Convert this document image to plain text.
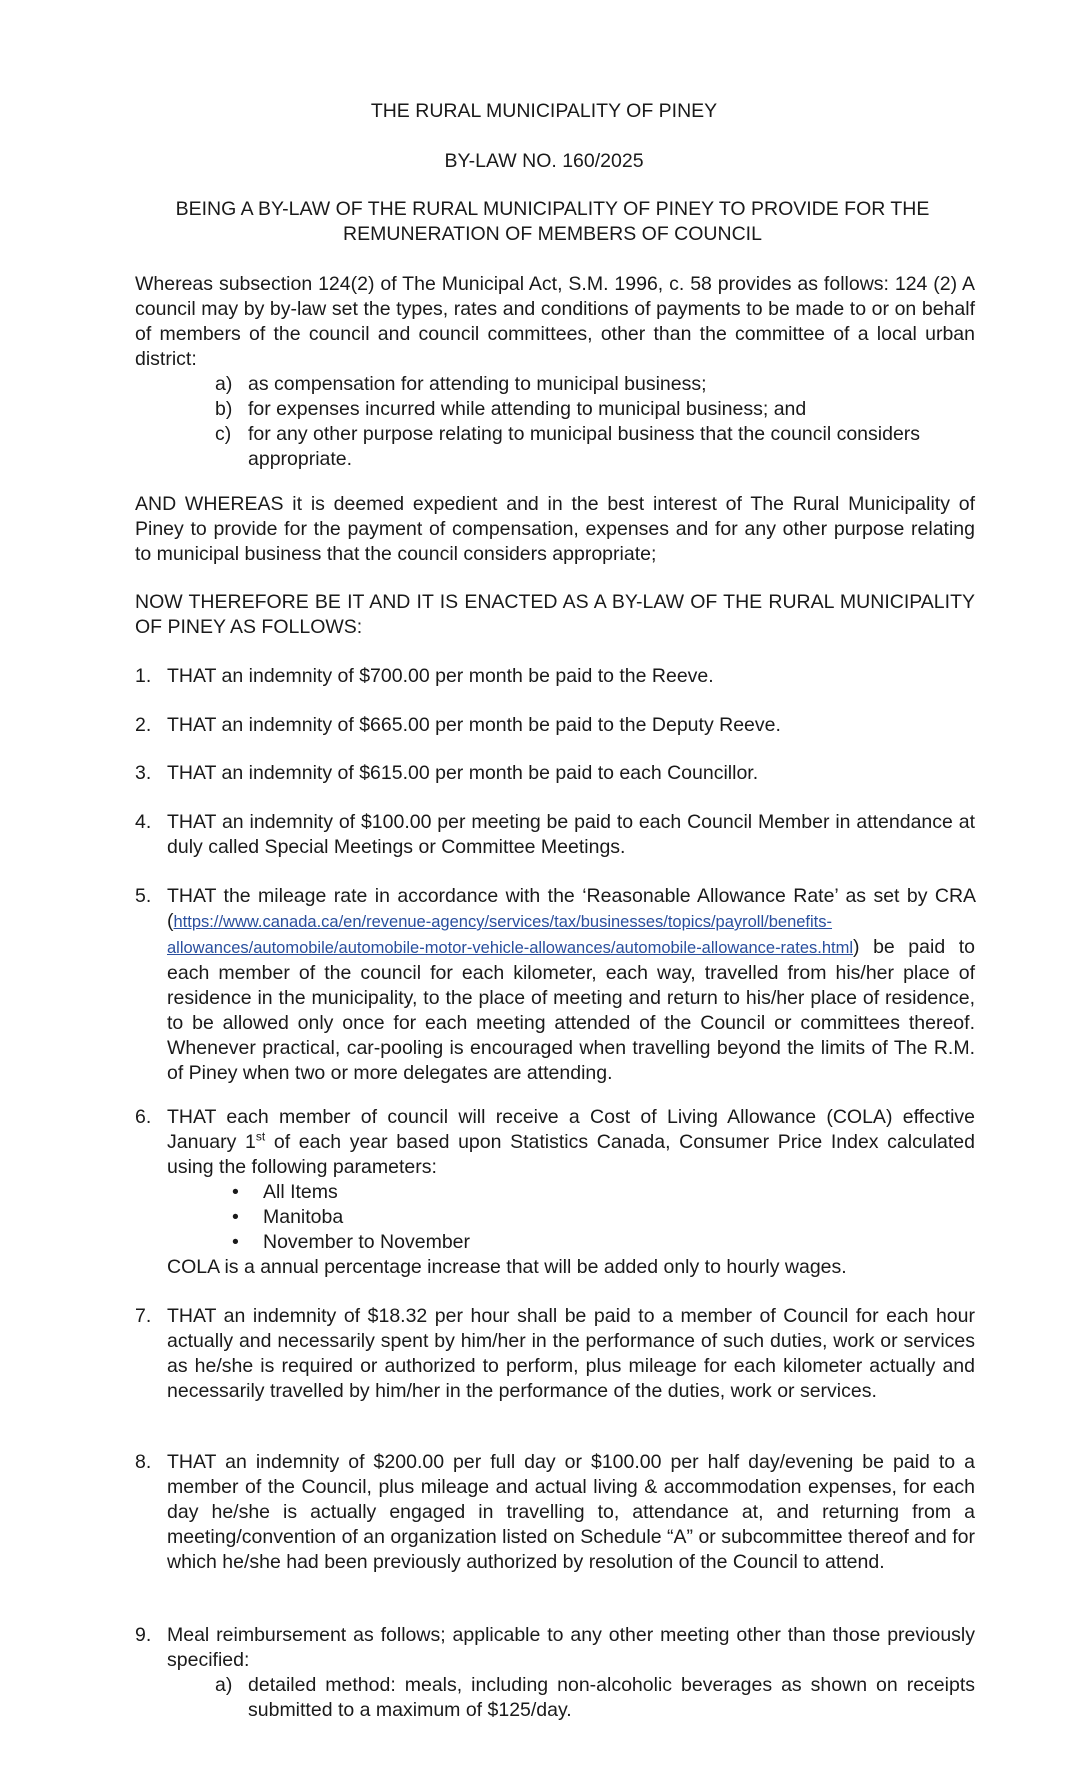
THE RURAL MUNICIPALITY OF PINEY
BY-LAW NO. 160/2025
BEING A BY-LAW OF THE RURAL MUNICIPALITY OF PINEY TO PROVIDE FOR THE
REMUNERATION OF MEMBERS OF COUNCIL
Whereas subsection 124(2) of The Municipal Act, S.M. 1996, c. 58 provides as follows: 124 (2) A council may by by-law set the types, rates and conditions of payments to be made to or on behalf of members of the council and council committees, other than the committee of a local urban district:
a) as compensation for attending to municipal business;
b) for expenses incurred while attending to municipal business; and
c) for any other purpose relating to municipal business that the council considers appropriate.
AND WHEREAS it is deemed expedient and in the best interest of The Rural Municipality of Piney to provide for the payment of compensation, expenses and for any other purpose relating to municipal business that the council considers appropriate;
NOW THEREFORE BE IT AND IT IS ENACTED AS A BY-LAW OF THE RURAL MUNICIPALITY OF PINEY AS FOLLOWS:
1. THAT an indemnity of $700.00 per month be paid to the Reeve.
2. THAT an indemnity of $665.00 per month be paid to the Deputy Reeve.
3. THAT an indemnity of $615.00 per month be paid to each Councillor.
4. THAT an indemnity of $100.00 per meeting be paid to each Council Member in attendance at duly called Special Meetings or Committee Meetings.
5. THAT the mileage rate in accordance with the ‘Reasonable Allowance Rate’ as set by CRA (https://www.canada.ca/en/revenue-agency/services/tax/businesses/topics/payroll/benefits-allowances/automobile/automobile-motor-vehicle-allowances/automobile-allowance-rates.html) be paid to each member of the council for each kilometer, each way, travelled from his/her place of residence in the municipality, to the place of meeting and return to his/her place of residence, to be allowed only once for each meeting attended of the Council or committees thereof. Whenever practical, car-pooling is encouraged when travelling beyond the limits of The R.M. of Piney when two or more delegates are attending.
6. THAT each member of council will receive a Cost of Living Allowance (COLA) effective January 1st of each year based upon Statistics Canada, Consumer Price Index calculated using the following parameters:
• All Items
• Manitoba
• November to November
COLA is a annual percentage increase that will be added only to hourly wages.
7. THAT an indemnity of $18.32 per hour shall be paid to a member of Council for each hour actually and necessarily spent by him/her in the performance of such duties, work or services as he/she is required or authorized to perform, plus mileage for each kilometer actually and necessarily travelled by him/her in the performance of the duties, work or services.
8. THAT an indemnity of $200.00 per full day or $100.00 per half day/evening be paid to a member of the Council, plus mileage and actual living & accommodation expenses, for each day he/she is actually engaged in travelling to, attendance at, and returning from a meeting/convention of an organization listed on Schedule “A” or subcommittee thereof and for which he/she had been previously authorized by resolution of the Council to attend.
9. Meal reimbursement as follows; applicable to any other meeting other than those previously specified:
a) detailed method: meals, including non-alcoholic beverages as shown on receipts submitted to a maximum of $125/day.
